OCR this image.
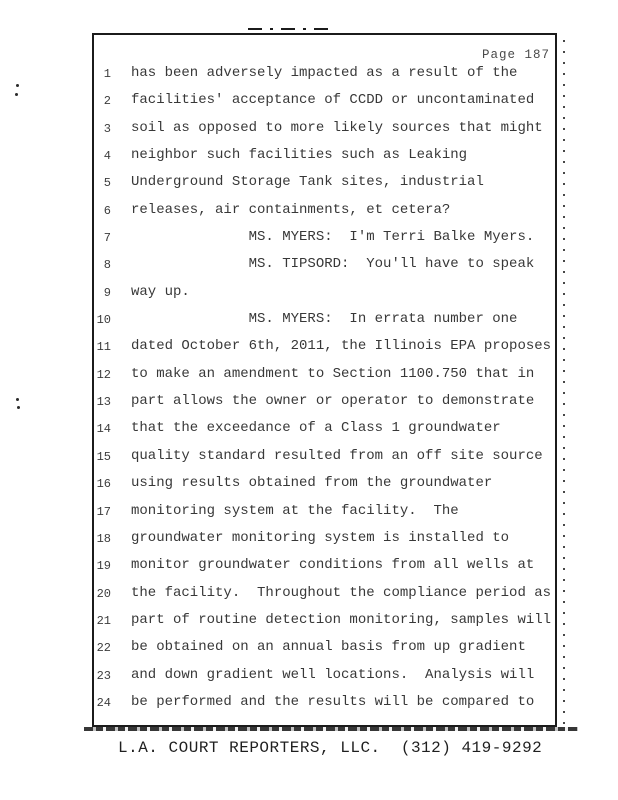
Page 187
1 has been adversely impacted as a result of the
2 facilities' acceptance of CCDD or uncontaminated
3 soil as opposed to more likely sources that might
4 neighbor such facilities such as Leaking
5 Underground Storage Tank sites, industrial
6 releases, air containments, et cetera?
7 MS. MYERS:  I'm Terri Balke Myers.
8 MS. TIPSORD:  You'll have to speak
9 way up.
10 MS. MYERS:  In errata number one
11 dated October 6th, 2011, the Illinois EPA proposes
12 to make an amendment to Section 1100.750 that in
13 part allows the owner or operator to demonstrate
14 that the exceedance of a Class 1 groundwater
15 quality standard resulted from an off site source
16 using results obtained from the groundwater
17 monitoring system at the facility.  The
18 groundwater monitoring system is installed to
19 monitor groundwater conditions from all wells at
20 the facility.  Throughout the compliance period as
21 part of routine detection monitoring, samples will
22 be obtained on an annual basis from up gradient
23 and down gradient well locations.  Analysis will
24 be performed and the results will be compared to
L.A. COURT REPORTERS, LLC.  (312) 419-9292
